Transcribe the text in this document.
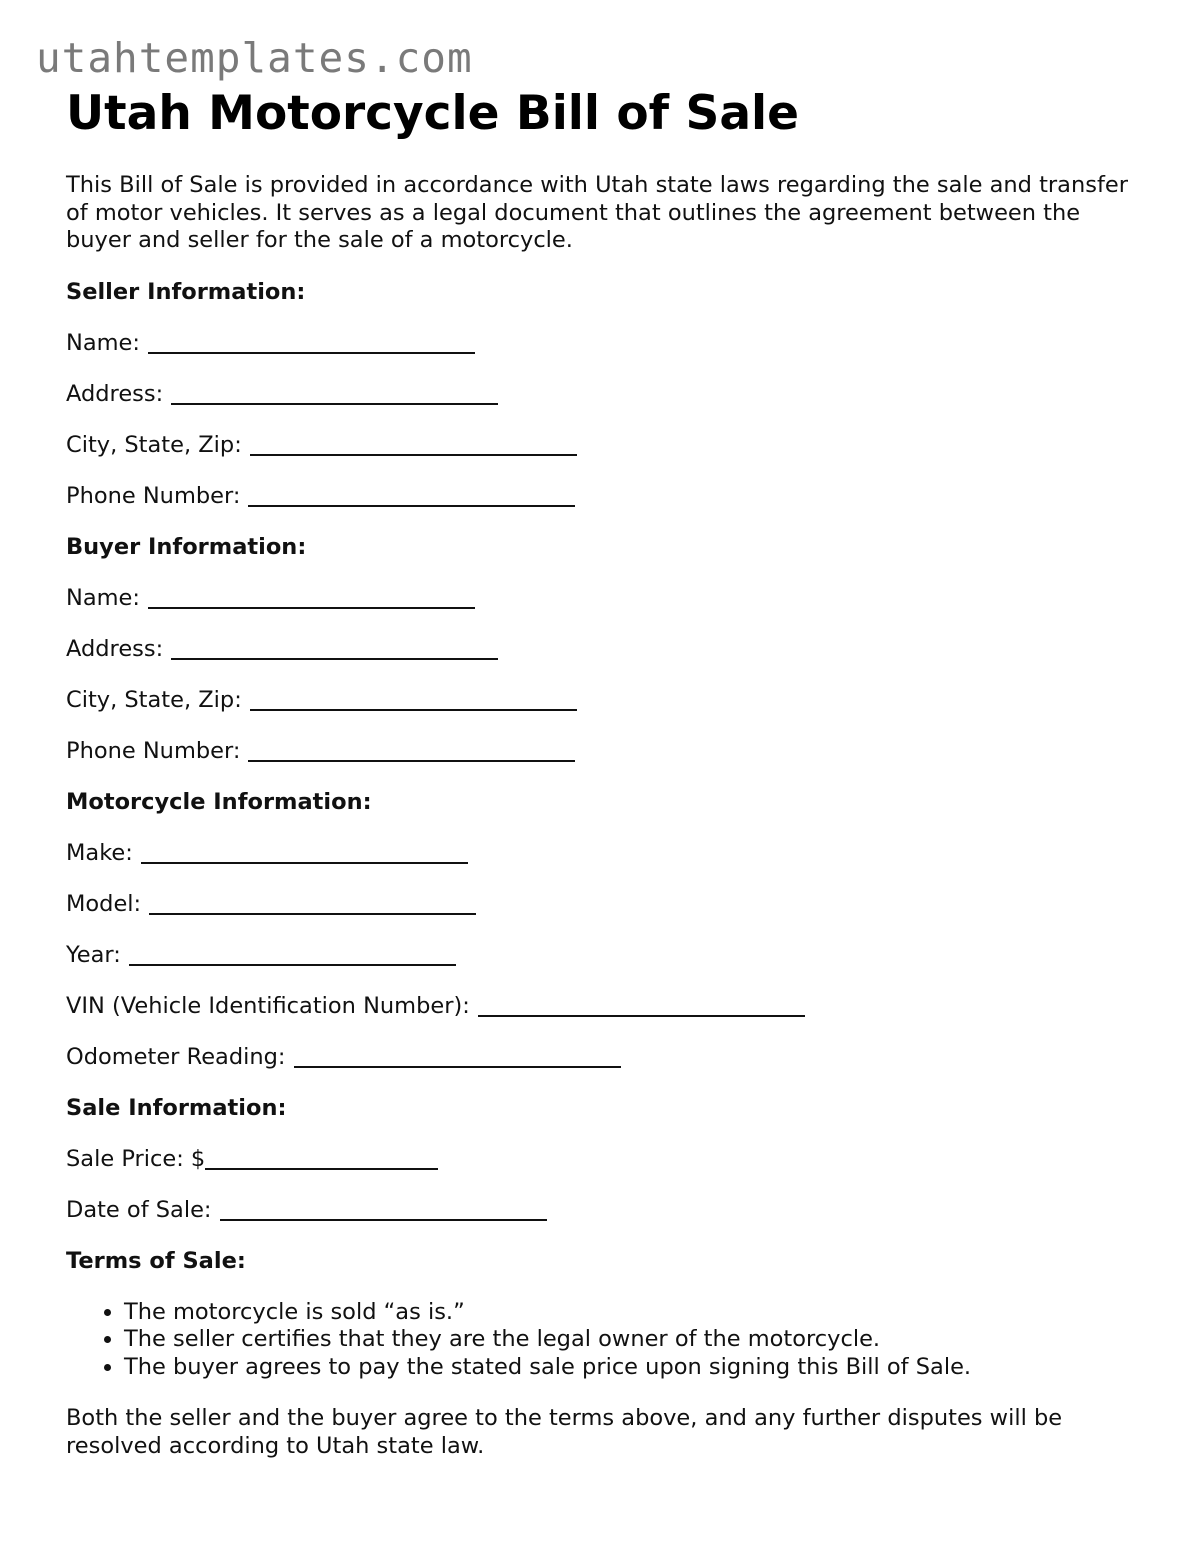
utahtemplates.com
Utah Motorcycle Bill of Sale

This Bill of Sale is provided in accordance with Utah state laws regarding the sale and transfer of motor vehicles. It serves as a legal document that outlines the agreement between the buyer and seller for the sale of a motorcycle.

Seller Information:

Name:

Address:

City, State, Zip:

Phone Number:

Buyer Information:

Name:

Address:

City, State, Zip:

Phone Number:

Motorcycle Information:

Make:

Model:

Year:

VIN (Vehicle Identification Number):

Odometer Reading:

Sale Information:

Sale Price: $

Date of Sale:

Terms of Sale:

• The motorcycle is sold “as is.”
• The seller certifies that they are the legal owner of the motorcycle.
• The buyer agrees to pay the stated sale price upon signing this Bill of Sale.

Both the seller and the buyer agree to the terms above, and any further disputes will be resolved according to Utah state law.
